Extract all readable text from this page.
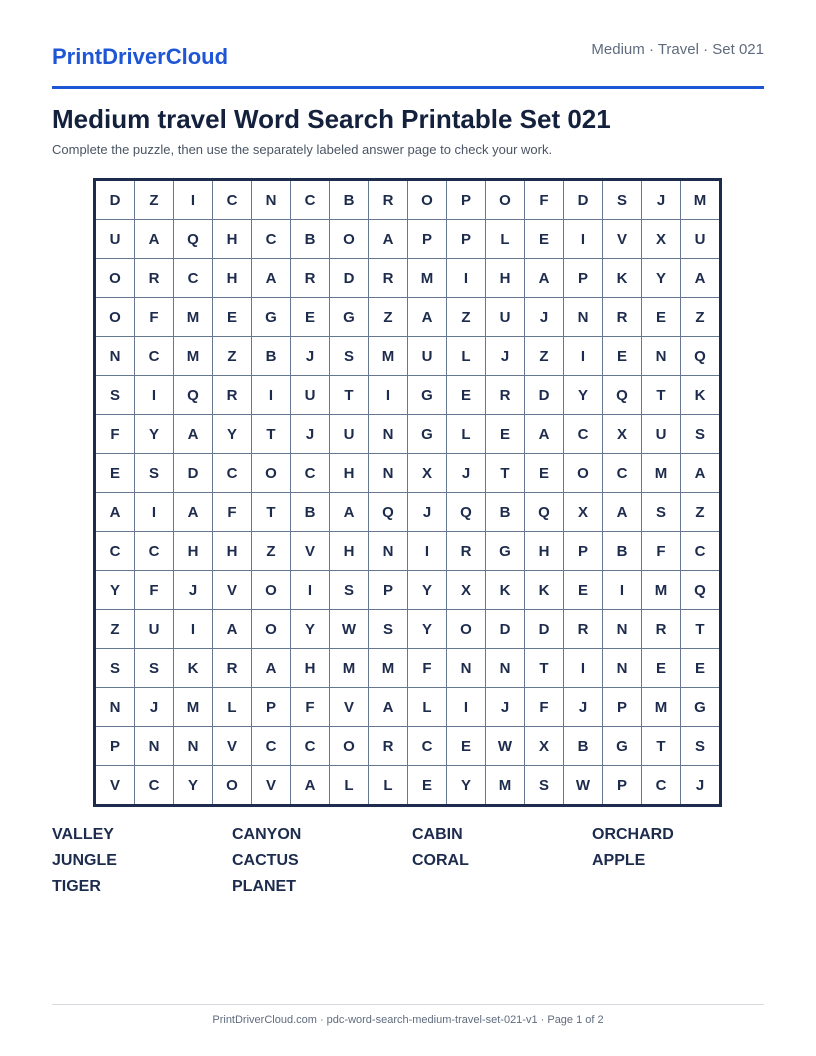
PrintDriverCloud	Medium · Travel · Set 021
Medium travel Word Search Printable Set 021
Complete the puzzle, then use the separately labeled answer page to check your work.
D	Z	I	C	N	C	B	R	O	P	O	F	D	S	J	M
U	A	Q	H	C	B	O	A	P	P	L	E	I	V	X	U
O	R	C	H	A	R	D	R	M	I	H	A	P	K	Y	A
O	F	M	E	G	E	G	Z	A	Z	U	J	N	R	E	Z
N	C	M	Z	B	J	S	M	U	L	J	Z	I	E	N	Q
S	I	Q	R	I	U	T	I	G	E	R	D	Y	Q	T	K
F	Y	A	Y	T	J	U	N	G	L	E	A	C	X	U	S
E	S	D	C	O	C	H	N	X	J	T	E	O	C	M	A
A	I	A	F	T	B	A	Q	J	Q	B	Q	X	A	S	Z
C	C	H	H	Z	V	H	N	I	R	G	H	P	B	F	C
Y	F	J	V	O	I	S	P	Y	X	K	K	E	I	M	Q
Z	U	I	A	O	Y	W	S	Y	O	D	D	R	N	R	T
S	S	K	R	A	H	M	M	F	N	N	T	I	N	E	E
N	J	M	L	P	F	V	A	L	I	J	F	J	P	M	G
P	N	N	V	C	C	O	R	C	E	W	X	B	G	T	S
V	C	Y	O	V	A	L	L	E	Y	M	S	W	P	C	J
VALLEY	CANYON	CABIN	ORCHARD
JUNGLE	CACTUS	CORAL	APPLE
TIGER	PLANET
PrintDriverCloud.com · pdc-word-search-medium-travel-set-021-v1 · Page 1 of 2
